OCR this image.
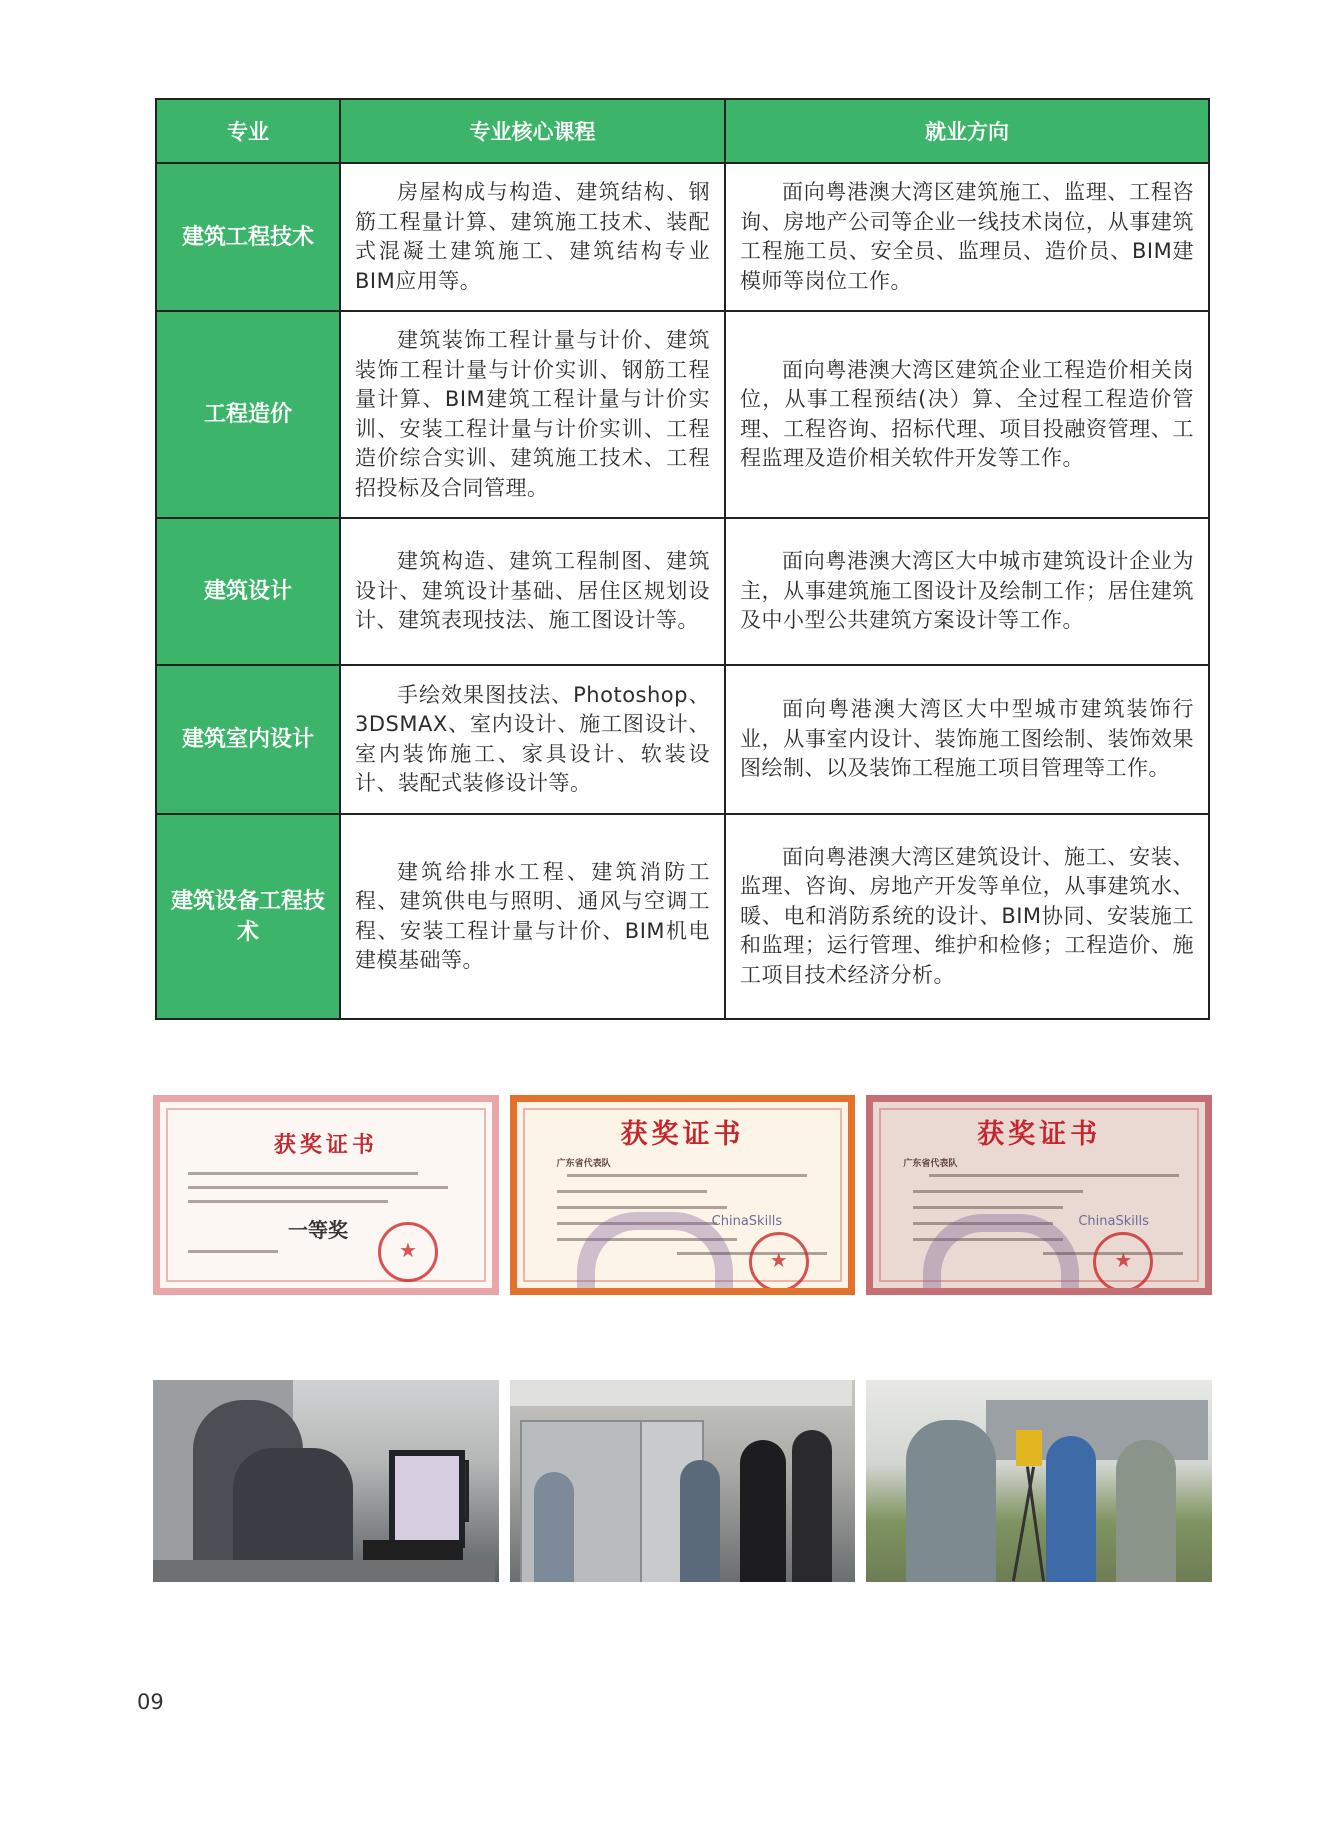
专业	专业核心课程	就业方向
建筑工程技术	房屋构成与构造、建筑结构、钢筋工程量计算、建筑施工技术、装配式混凝土建筑施工、建筑结构专业BIM应用等。	面向粤港澳大湾区建筑施工、监理、工程咨询、房地产公司等企业一线技术岗位，从事建筑工程施工员、安全员、监理员、造价员、BIM建模师等岗位工作。

工程造价	建筑装饰工程计量与计价、建筑装饰工程计量与计价实训、钢筋工程量计算、BIM建筑工程计量与计价实训、安装工程计量与计价实训、工程造价综合实训、建筑施工技术、工程招投标及合同管理。	面向粤港澳大湾区建筑企业工程造价相关岗位，从事工程预结(决）算、全过程工程造价管理、工程咨询、招标代理、项目投融资管理、工程监理及造价相关软件开发等工作。

建筑设计	建筑构造、建筑工程制图、建筑设计、建筑设计基础、居住区规划设计、建筑表现技法、施工图设计等。	面向粤港澳大湾区大中城市建筑设计企业为主，从事建筑施工图设计及绘制工作；居住建筑及中小型公共建筑方案设计等工作。

建筑室内设计	手绘效果图技法、Photoshop、3DSMAX、室内设计、施工图设计、室内装饰施工、家具设计、软装设计、装配式装修设计等。	面向粤港澳大湾区大中型城市建筑装饰行业，从事室内设计、装饰施工图绘制、装饰效果图绘制、以及装饰工程施工项目管理等工作。

建筑设备工程技术	建筑给排水工程、建筑消防工程、建筑供电与照明、通风与空调工程、安装工程计量与计价、BIM机电建模基础等。	面向粤港澳大湾区建筑设计、施工、安装、监理、咨询、房地产开发等单位，从事建筑水、暖、电和消防系统的设计、BIM协同、安装施工和监理；运行管理、维护和检修；工程造价、施工项目技术经济分析。
获奖证书
一等奖
★
获奖证书
广东省代表队
ChinaSkills
★
获奖证书
广东省代表队
ChinaSkills
★
09
